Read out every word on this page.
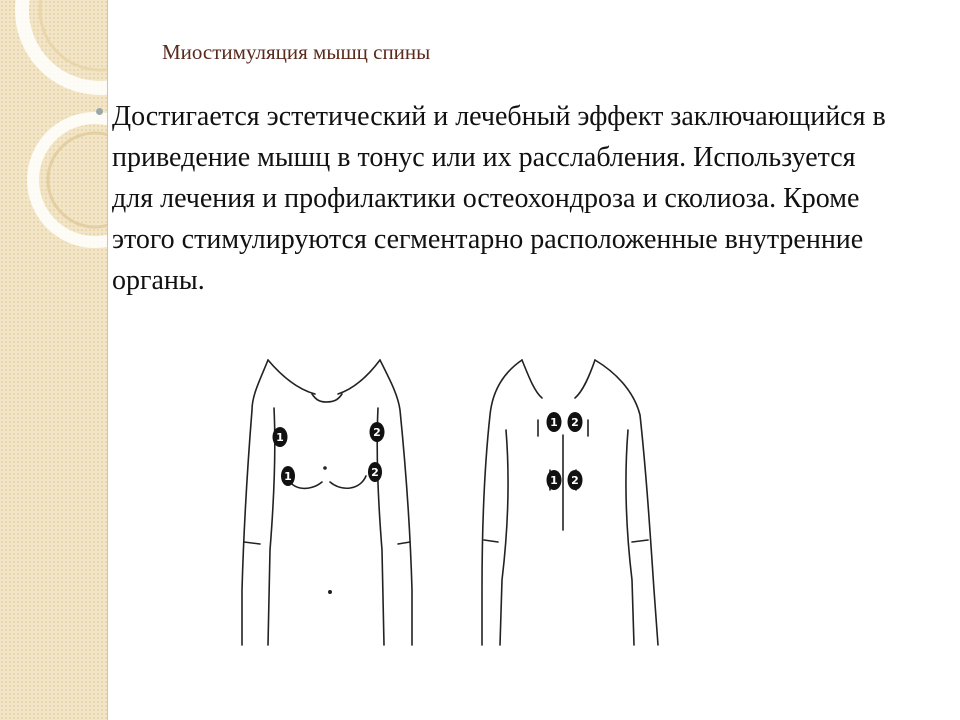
Миостимуляция мышц спины

Достигается эстетический и лечебный эффект заключающийся в приведение мышц в тонус или их расслабления. Используется для лечения и профилактики остеохондроза и сколиоза. Кроме этого стимулируются сегментарно расположенные внутренние органы.

1	2
1	2
1 2
1 2
